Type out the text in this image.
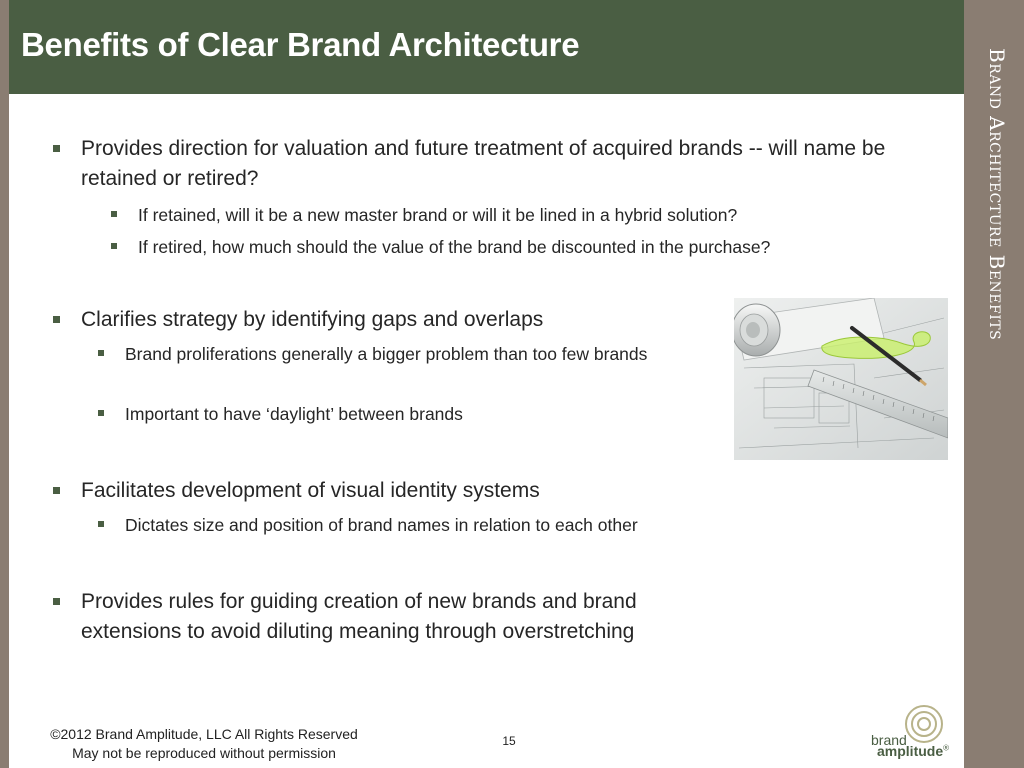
Benefits of Clear Brand Architecture
Provides direction for valuation and future treatment of acquired brands -- will name be retained or retired?
If retained, will it be a new master brand or will it be lined in a hybrid solution?
If retired, how much should the value of the brand be discounted in the purchase?
Clarifies strategy by identifying gaps and overlaps
Brand proliferations generally a bigger problem than too few brands
Important to have ‘daylight’ between brands
Facilitates development of visual identity systems
Dictates size and position of brand names in relation to each other
Provides rules for guiding creation of new brands and brand extensions to avoid diluting meaning through overstretching
©2012 Brand Amplitude, LLC All Rights Reserved
May not be reproduced without permission
15
Brand Architecture Benefits
brand
amplitude®
